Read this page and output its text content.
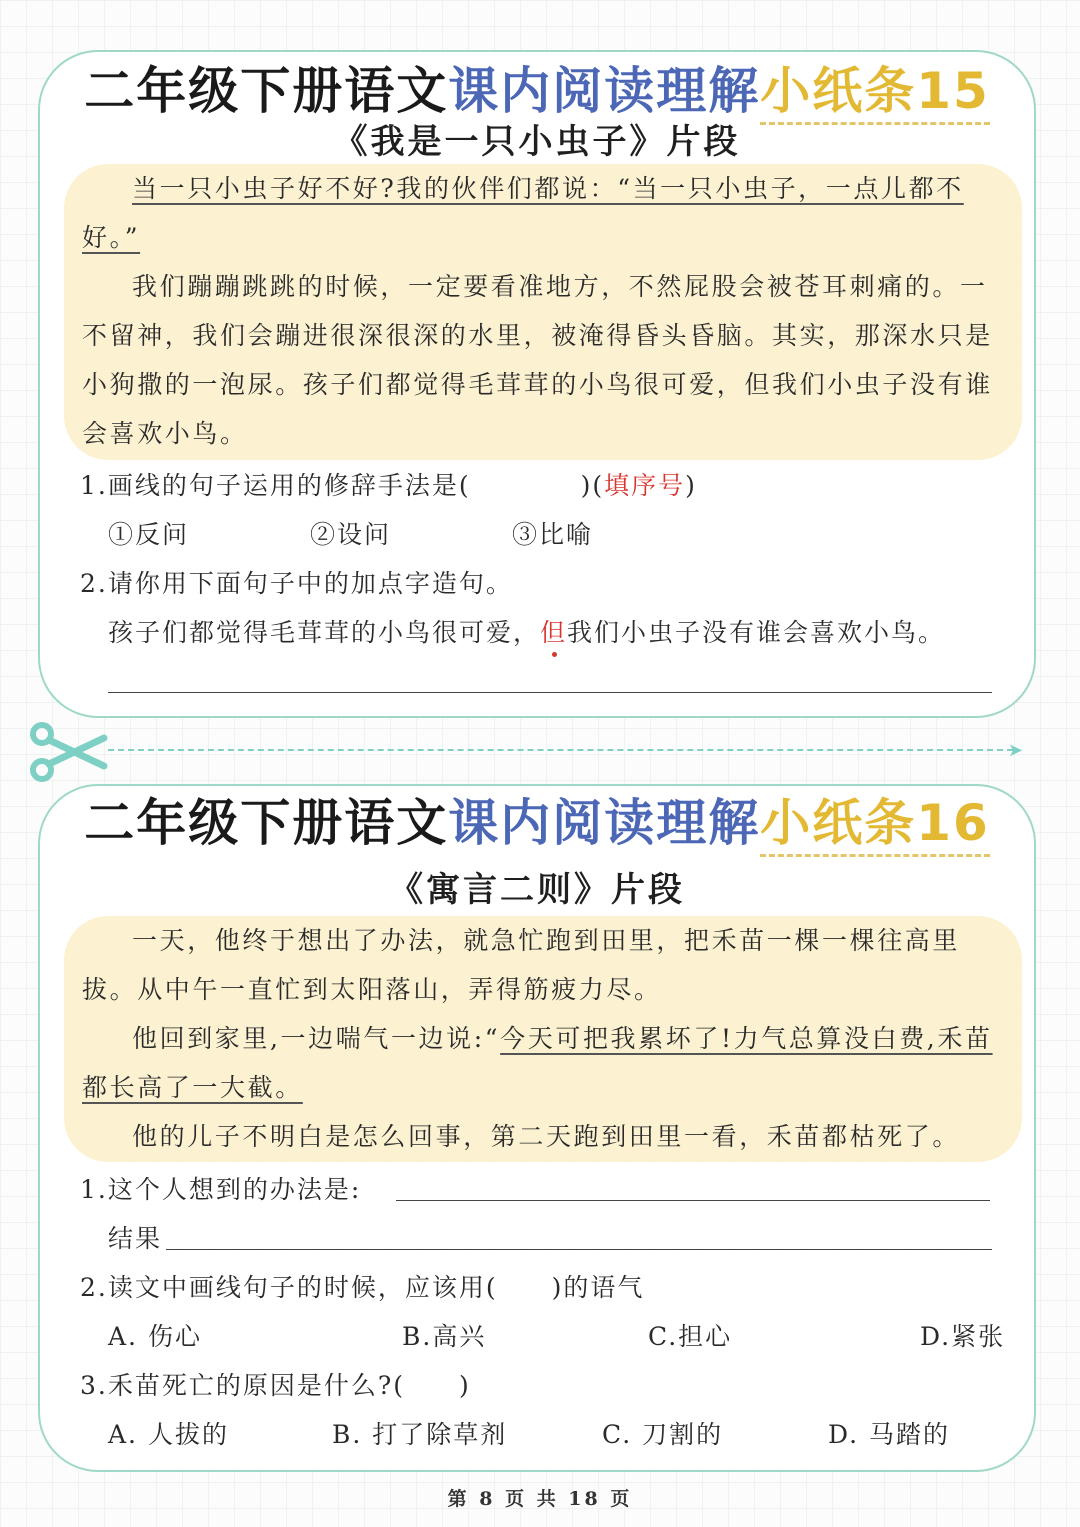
二年级下册语文课内阅读理解小纸条15
《我是一只小虫子》片段

当一只小虫子好不好?我的伙伴们都说：“当一只小虫子，一点儿都不好。”

我们蹦蹦跳跳的时候，一定要看准地方，不然屁股会被苍耳刺痛的。一不留神，我们会蹦进很深很深的水里，被淹得昏头昏脑。其实，那深水只是小狗撒的一泡尿。孩子们都觉得毛茸茸的小鸟很可爱，但我们小虫子没有谁会喜欢小鸟。

1.画线的句子运用的修辞手法是(	)(填序号)
①反问	②设问	③比喻
2.请你用下面句子中的加点字造句。
孩子们都觉得毛茸茸的小鸟很可爱，但我们小虫子没有谁会喜欢小鸟。
➤
二年级下册语文课内阅读理解小纸条16
《寓言二则》片段

一天，他终于想出了办法，就急忙跑到田里，把禾苗一棵一棵往高里拔。从中午一直忙到太阳落山，弄得筋疲力尽。

他回到家里,一边喘气一边说:“今天可把我累坏了!力气总算没白费,禾苗都长高了一大截。

他的儿子不明白是怎么回事，第二天跑到田里一看，禾苗都枯死了。

1.这个人想到的办法是:
结果
2.读文中画线句子的时候，应该用(　　)的语气
A. 伤心	B.高兴	C.担心	D.紧张
3.禾苗死亡的原因是什么?(　　)
A. 人拔的	B. 打了除草剂	C. 刀割的	D. 马踏的
第 8 页 共 18 页
